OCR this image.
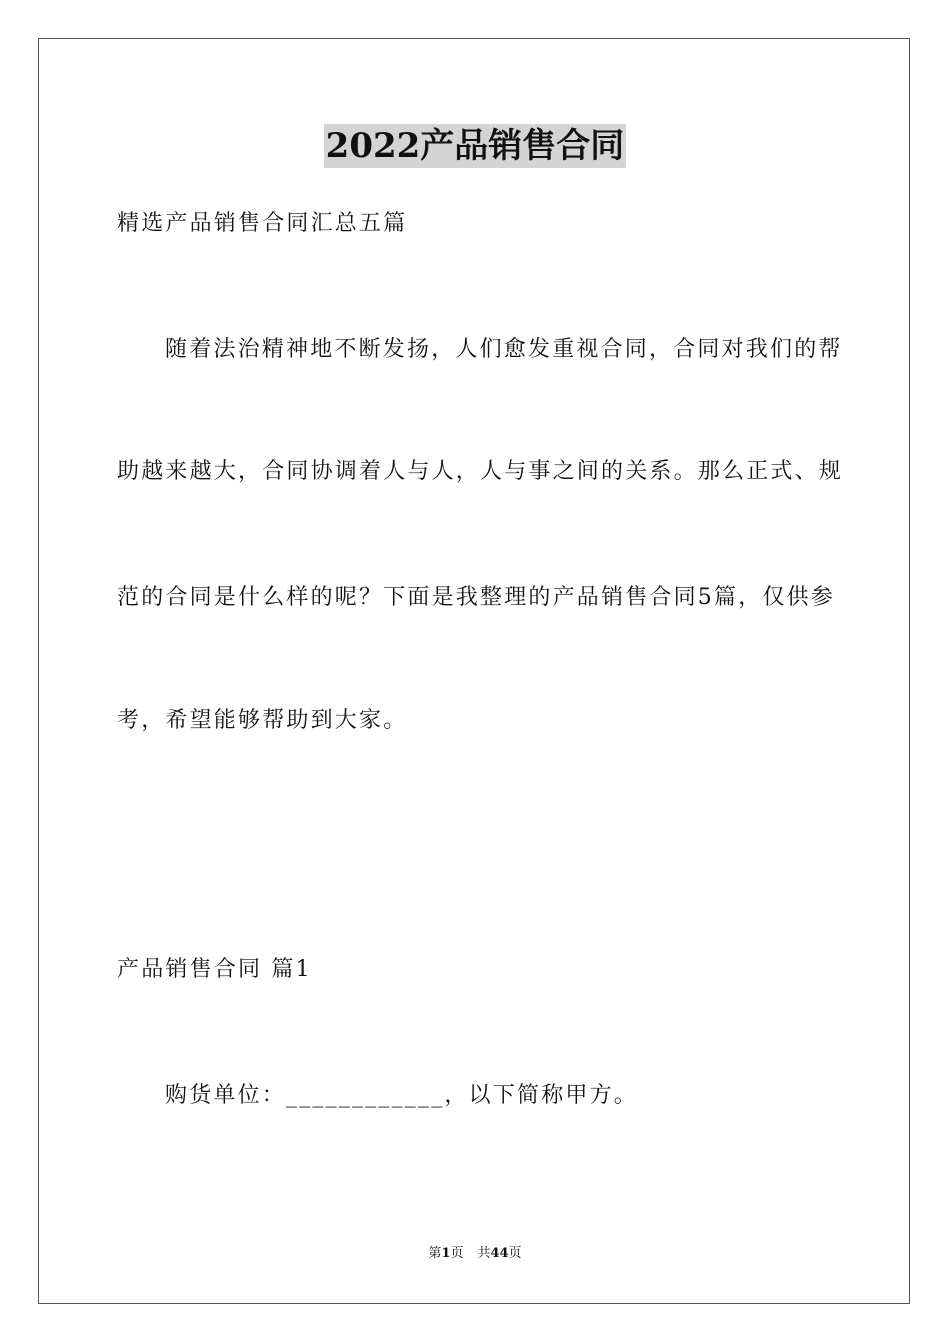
2022产品销售合同
精选产品销售合同汇总五篇
随着法治精神地不断发扬，人们愈发重视合同，合同对我们的帮
助越来越大，合同协调着人与人，人与事之间的关系。那么正式、规
范的合同是什么样的呢？下面是我整理的产品销售合同5篇，仅供参
考，希望能够帮助到大家。
产品销售合同 篇1
购货单位：____________，以下简称甲方。
第1页 共44页
